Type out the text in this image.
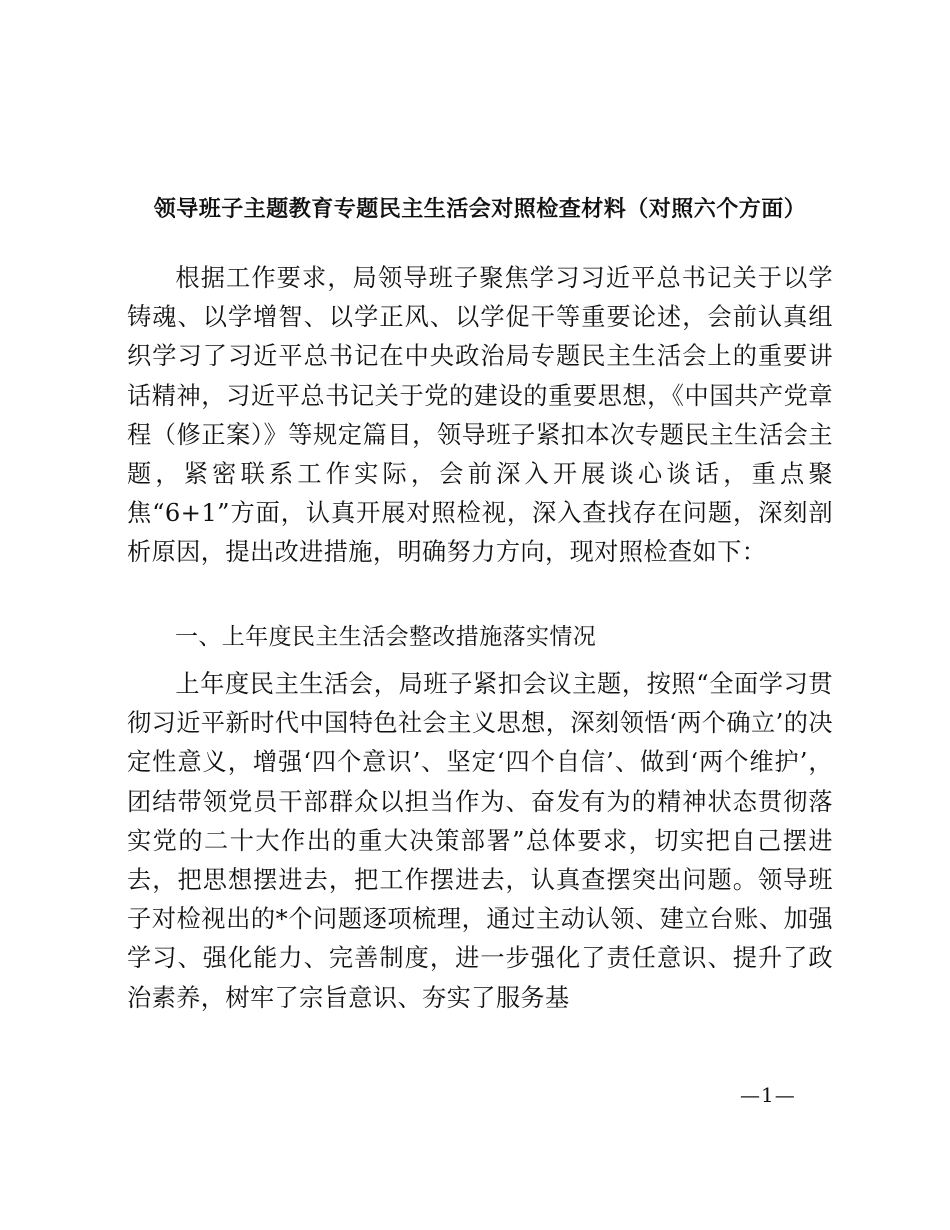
领导班子主题教育专题民主生活会对照检查材料（对照六个方面）

根据工作要求，局领导班子聚焦学习习近平总书记关于以学铸魂、以学增智、以学正风、以学促干等重要论述，会前认真组织学习了习近平总书记在中央政治局专题民主生活会上的重要讲话精神，习近平总书记关于党的建设的重要思想，《中国共产党章程（修正案）》等规定篇目，领导班子紧扣本次专题民主生活会主题，紧密联系工作实际，会前深入开展谈心谈话，重点聚焦“6+1”方面，认真开展对照检视，深入查找存在问题，深刻剖析原因，提出改进措施，明确努力方向，现对照检查如下：

一、上年度民主生活会整改措施落实情况

上年度民主生活会，局班子紧扣会议主题，按照“全面学习贯彻习近平新时代中国特色社会主义思想，深刻领悟‘两个确立’的决定性意义，增强‘四个意识’、坚定‘四个自信’、做到‘两个维护’，团结带领党员干部群众以担当作为、奋发有为的精神状态贯彻落实党的二十大作出的重大决策部署”总体要求，切实把自己摆进去，把思想摆进去，把工作摆进去，认真查摆突出问题。领导班子对检视出的*个问题逐项梳理，通过主动认领、建立台账、加强学习、强化能力、完善制度，进一步强化了责任意识、提升了政治素养，树牢了宗旨意识、夯实了服务基

—1—
